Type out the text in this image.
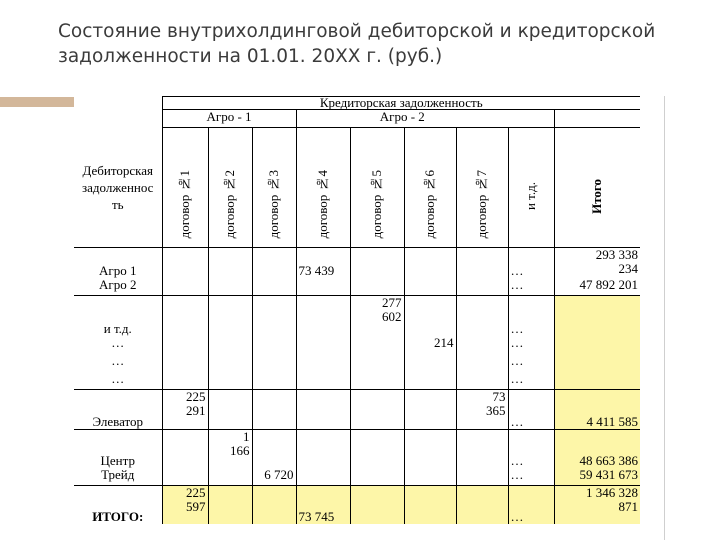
Состояние внутрихолдинговой дебиторской и кредиторской задолженности на 01.01. 20XX г. (руб.)
Дебиторская задолженность	Кредиторская задолженность								
	Агро - 1			Агро - 2					
	договор №1	договор №2	договор №3	договор №4	договор №5	договор №6	договор №7	и т.д.	Итого
Агро 1				73 439				…	293 338 234
Агро 2								…	47 892 201
и т.д.					277 602			…	
…						214		…	
…								…	
…								…	
Элеватор	225 291						73 365	…	4 411 585
Центр		1 166						…	48 663 386
Трейд			6 720					…	59 431 673
ИТОГО:	225 597			73 745				…	1 346 328 871
